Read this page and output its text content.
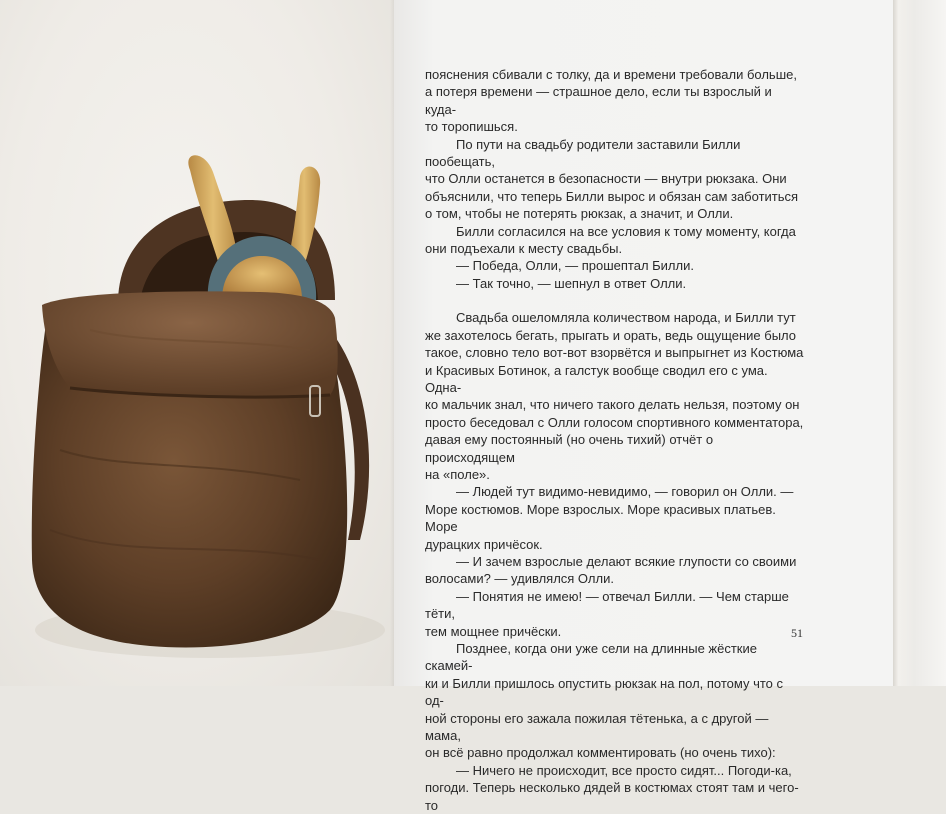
пояснения сбивали с толку, да и времени требовали больше,

а потеря времени — страшное дело, если ты взрослый и куда-

то торопишься.

По пути на свадьбу родители заставили Билли пообещать,

что Олли останется в безопасности — внутри рюкзака. Они

объяснили, что теперь Билли вырос и обязан сам заботиться

о том, чтобы не потерять рюкзак, а значит, и Олли.

Билли согласился на все условия к тому моменту, когда

они подъехали к месту свадьбы.

— Победа, Олли, — прошептал Билли.

— Так точно, — шепнул в ответ Олли.

Свадьба ошеломляла количеством народа, и Билли тут

же захотелось бегать, прыгать и орать, ведь ощущение было

такое, словно тело вот-вот взорвётся и выпрыгнет из Костюма

и Красивых Ботинок, а галстук вообще сводил его с ума. Одна-

ко мальчик знал, что ничего такого делать нельзя, поэтому он

просто беседовал с Олли голосом спортивного комментатора,

давая ему постоянный (но очень тихий) отчёт о происходящем

на «поле».

— Людей тут видимо-невидимо, — говорил он Олли. —

Море костюмов. Море взрослых. Море красивых платьев. Море

дурацких причёсок.

— И зачем взрослые делают всякие глупости со своими

волосами? — удивлялся Олли.

— Понятия не имею! — отвечал Билли. — Чем старше тёти,

тем мощнее причёски.

Позднее, когда они уже сели на длинные жёсткие скамей-

ки и Билли пришлось опустить рюкзак на пол, потому что с од-

ной стороны его зажала пожилая тётенька, а с другой — мама,

он всё равно продолжал комментировать (но очень тихо):

— Ничего не происходит, все просто сидят... Погоди-ка,

погоди. Теперь несколько дядей в костюмах стоят там и чего-то

51
